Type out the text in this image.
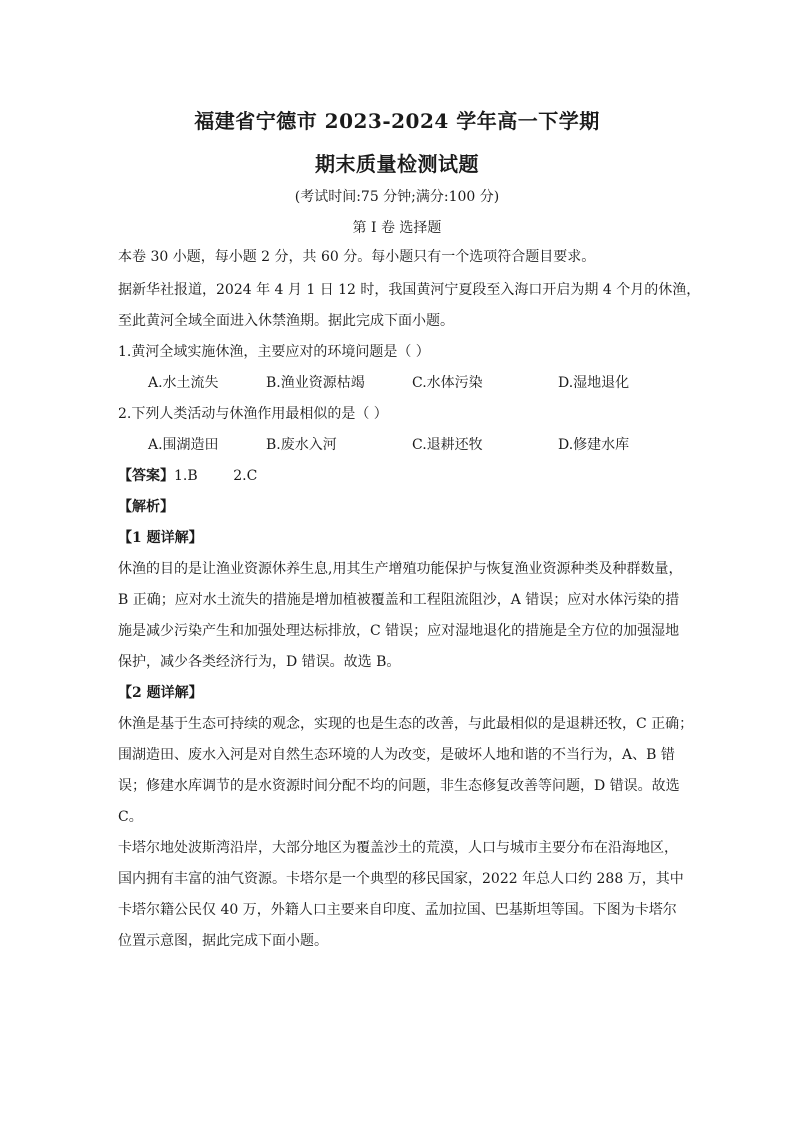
福建省宁德市 2023-2024 学年高一下学期
期末质量检测试题
(考试时间:75 分钟;满分:100 分)
第 I 卷 选择题
本卷 30 小题，每小题 2 分，共 60 分。每小题只有一个选项符合题目要求。
据新华社报道，2024 年 4 月 1 日 12 时，我国黄河宁夏段至入海口开启为期 4 个月的休渔，
至此黄河全域全面进入休禁渔期。据此完成下面小题。
1.黄河全域实施休渔，主要应对的环境问题是（ ）
A.水土流失	B.渔业资源枯竭	C.水体污染	D.湿地退化
2.下列人类活动与休渔作用最相似的是（ ）
A.围湖造田	B.废水入河	C.退耕还牧	D.修建水库
【答案】1.B        2.C
【解析】
【1 题详解】
休渔的目的是让渔业资源休养生息,用其生产增殖功能保护与恢复渔业资源种类及种群数量，
B 正确；应对水土流失的措施是增加植被覆盖和工程阻流阻沙，A 错误；应对水体污染的措
施是减少污染产生和加强处理达标排放，C 错误；应对湿地退化的措施是全方位的加强湿地
保护，减少各类经济行为，D 错误。故选 B。
【2 题详解】
休渔是基于生态可持续的观念，实现的也是生态的改善，与此最相似的是退耕还牧，C 正确；
围湖造田、废水入河是对自然生态环境的人为改变，是破坏人地和谐的不当行为，A、B 错
误；修建水库调节的是水资源时间分配不均的问题，非生态修复改善等问题，D 错误。故选
C。
卡塔尔地处波斯湾沿岸，大部分地区为覆盖沙土的荒漠，人口与城市主要分布在沿海地区，
国内拥有丰富的油气资源。卡塔尔是一个典型的移民国家，2022 年总人口约 288 万，其中
卡塔尔籍公民仅 40 万，外籍人口主要来自印度、孟加拉国、巴基斯坦等国。下图为卡塔尔
位置示意图，据此完成下面小题。
